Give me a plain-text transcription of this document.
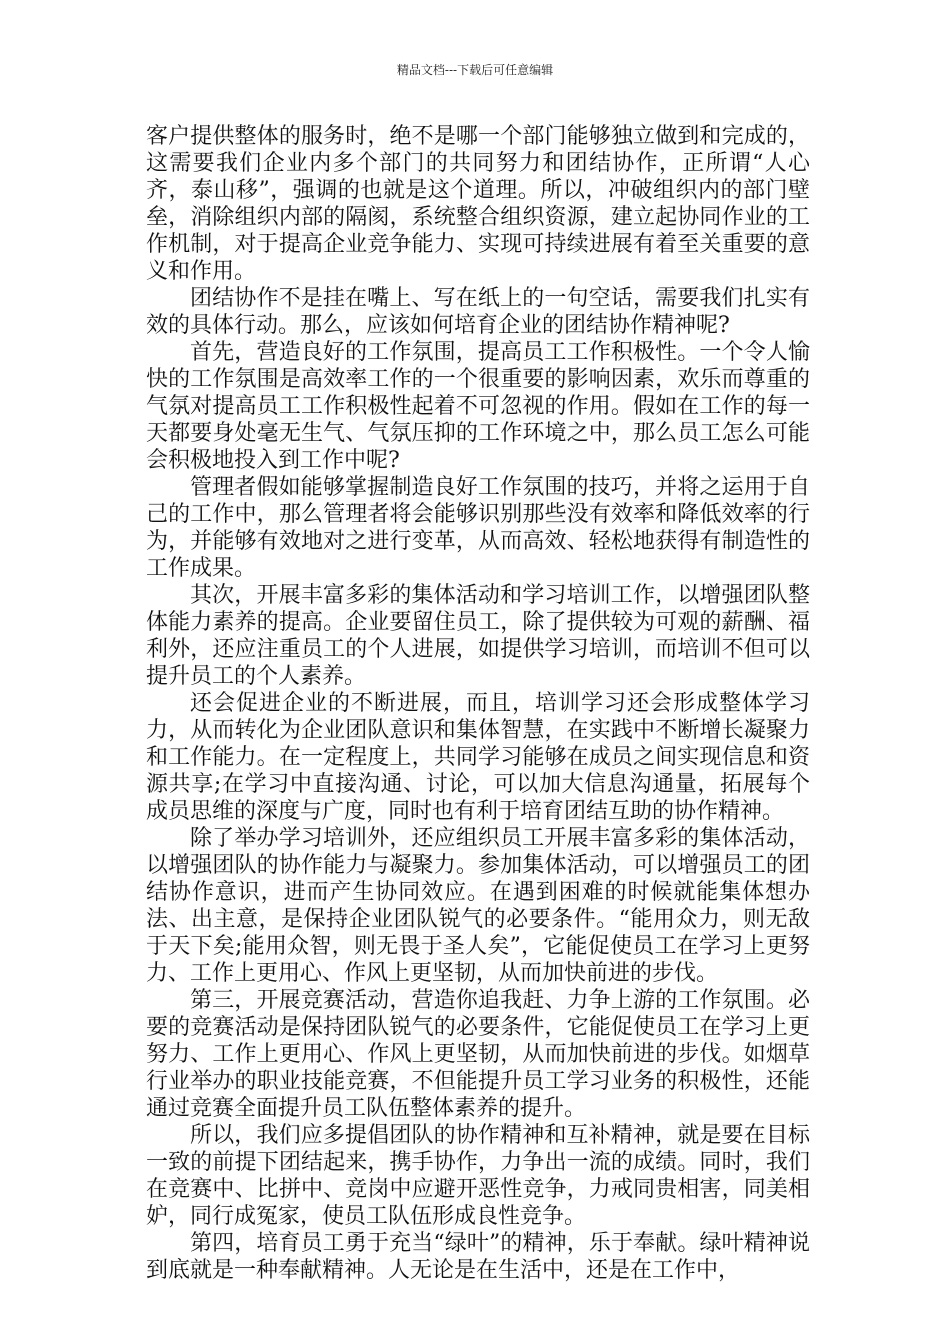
精品文档---下载后可任意编辑

客户提供整体的服务时，绝不是哪一个部门能够独立做到和完成的，这需要我们企业内多个部门的共同努力和团结协作，正所谓“人心齐，泰山移”，强调的也就是这个道理。所以，冲破组织内的部门壁垒，消除组织内部的隔阂，系统整合组织资源，建立起协同作业的工作机制，对于提高企业竞争能力、实现可持续进展有着至关重要的意义和作用。

团结协作不是挂在嘴上、写在纸上的一句空话，需要我们扎实有效的具体行动。那么，应该如何培育企业的团结协作精神呢?

首先，营造良好的工作氛围，提高员工工作积极性。一个令人愉快的工作氛围是高效率工作的一个很重要的影响因素，欢乐而尊重的气氛对提高员工工作积极性起着不可忽视的作用。假如在工作的每一天都要身处毫无生气、气氛压抑的工作环境之中，那么员工怎么可能会积极地投入到工作中呢?

管理者假如能够掌握制造良好工作氛围的技巧，并将之运用于自己的工作中，那么管理者将会能够识别那些没有效率和降低效率的行为，并能够有效地对之进行变革，从而高效、轻松地获得有制造性的工作成果。

其次，开展丰富多彩的集体活动和学习培训工作，以增强团队整体能力素养的提高。企业要留住员工，除了提供较为可观的薪酬、福利外，还应注重员工的个人进展，如提供学习培训，而培训不但可以提升员工的个人素养。

还会促进企业的不断进展，而且，培训学习还会形成整体学习力，从而转化为企业团队意识和集体智慧，在实践中不断增长凝聚力和工作能力。在一定程度上，共同学习能够在成员之间实现信息和资源共享;在学习中直接沟通、讨论，可以加大信息沟通量，拓展每个成员思维的深度与广度，同时也有利于培育团结互助的协作精神。

除了举办学习培训外，还应组织员工开展丰富多彩的集体活动，以增强团队的协作能力与凝聚力。参加集体活动，可以增强员工的团结协作意识，进而产生协同效应。在遇到困难的时候就能集体想办法、出主意，是保持企业团队锐气的必要条件。“能用众力，则无敌于天下矣;能用众智，则无畏于圣人矣”，它能促使员工在学习上更努力、工作上更用心、作风上更坚韧，从而加快前进的步伐。

第三，开展竞赛活动，营造你追我赶、力争上游的工作氛围。必要的竞赛活动是保持团队锐气的必要条件，它能促使员工在学习上更努力、工作上更用心、作风上更坚韧，从而加快前进的步伐。如烟草行业举办的职业技能竞赛，不但能提升员工学习业务的积极性，还能通过竞赛全面提升员工队伍整体素养的提升。

所以，我们应多提倡团队的协作精神和互补精神，就是要在目标一致的前提下团结起来，携手协作，力争出一流的成绩。同时，我们在竞赛中、比拼中、竞岗中应避开恶性竞争，力戒同贵相害，同美相妒，同行成冤家，使员工队伍形成良性竞争。

第四，培育员工勇于充当“绿叶”的精神，乐于奉献。绿叶精神说到底就是一种奉献精神。人无论是在生活中，还是在工作中，
